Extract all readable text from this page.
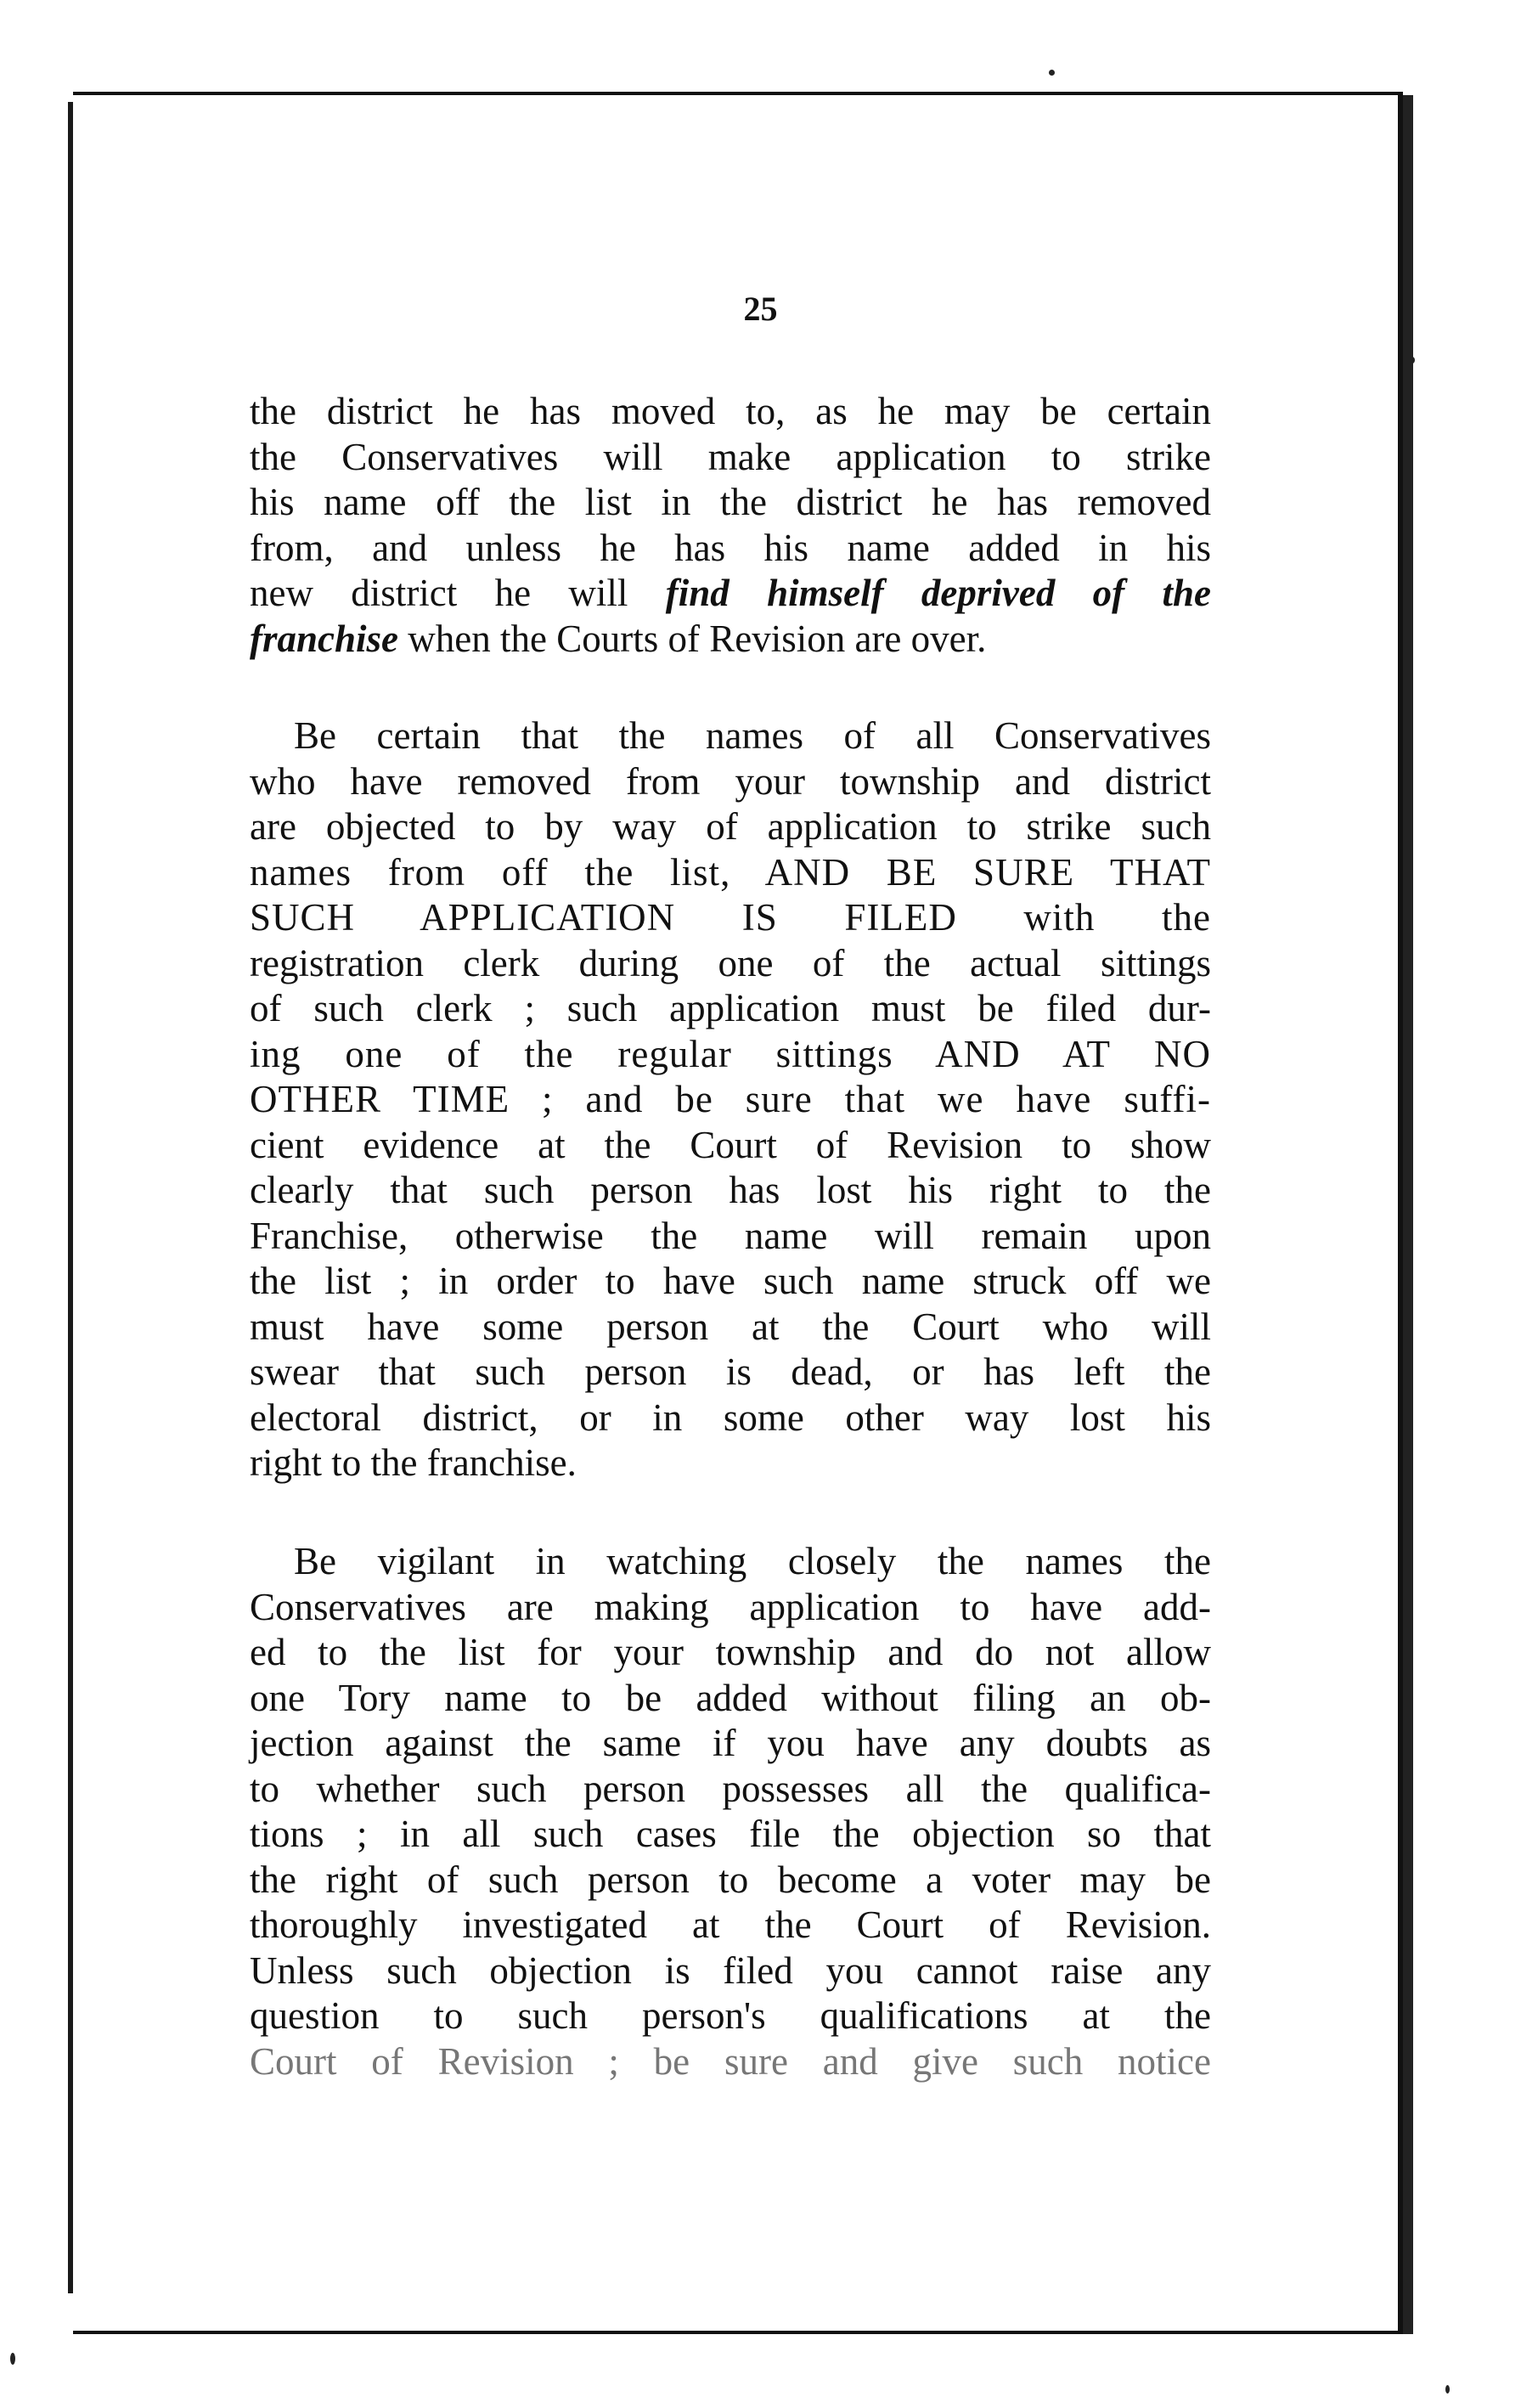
25
the district he has moved to, as he may be certain
the Conservatives will make application to strike
his name off the list in the district he has removed
from, and unless he has his name added in his
new district he will find himself deprived of the
franchise when the Courts of Revision are over.
Be certain that the names of all Conservatives
who have removed from your township and district
are objected to by way of application to strike such
names from off the list, AND BE SURE THAT
SUCH APPLICATION IS FILED with the
registration clerk during one of the actual sittings
of such clerk ; such application must be filed dur-
ing one of the regular sittings AND AT NO
OTHER TIME ; and be sure that we have suffi-
cient evidence at the Court of Revision to show
clearly that such person has lost his right to the
Franchise, otherwise the name will remain upon
the list ; in order to have such name struck off we
must have some person at the Court who will
swear that such person is dead, or has left the
electoral district, or in some other way lost his
right to the franchise.
Be vigilant in watching closely the names the
Conservatives are making application to have add-
ed to the list for your township and do not allow
one Tory name to be added without filing an ob-
jection against the same if you have any doubts as
to whether such person possesses all the qualifica-
tions ; in all such cases file the objection so that
the right of such person to become a voter may be
thoroughly investigated at the Court of Revision.
Unless such objection is filed you cannot raise any
question to such person's qualifications at the
Court of Revision ; be sure and give such notice
